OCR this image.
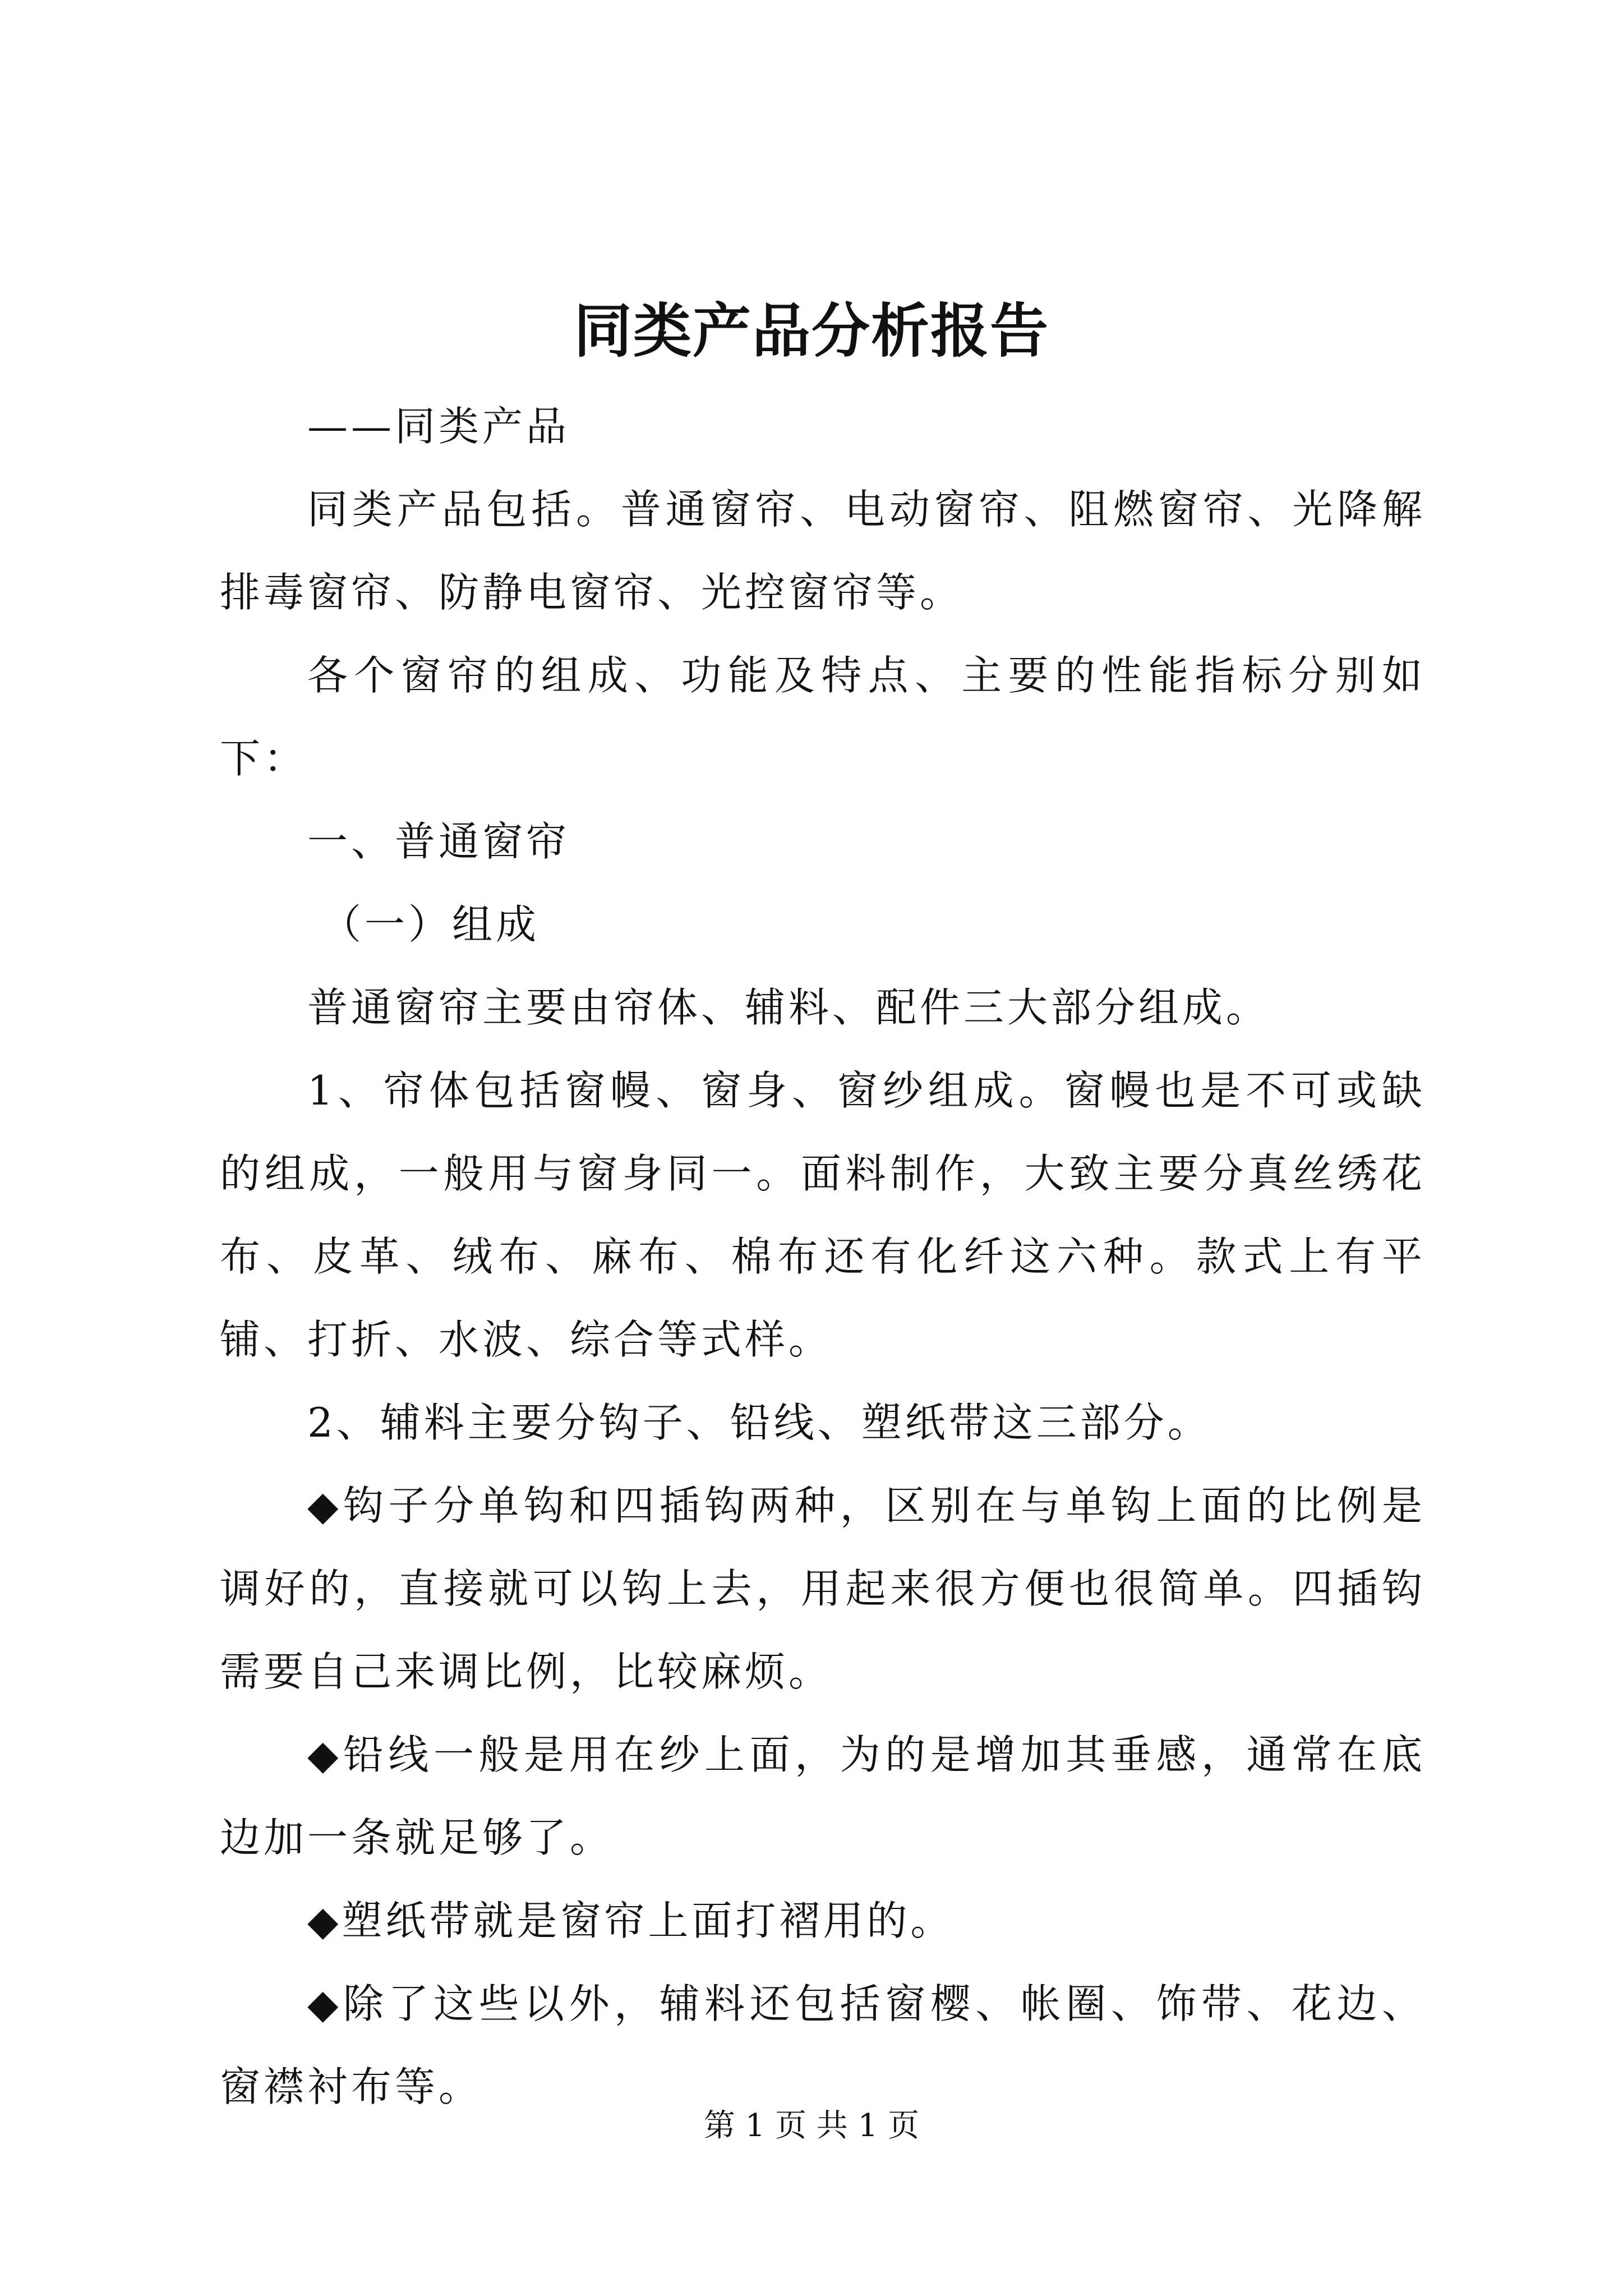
同类产品分析报告

——同类产品

同类产品包括。普通窗帘、电动窗帘、阻燃窗帘、光降解排毒窗帘、防静电窗帘、光控窗帘等。

各个窗帘的组成、功能及特点、主要的性能指标分别如下：

一、普通窗帘

（一）组成

普通窗帘主要由帘体、辅料、配件三大部分组成。

1、帘体包括窗幔、窗身、窗纱组成。窗幔也是不可或缺的组成，一般用与窗身同一。面料制作，大致主要分真丝绣花布、皮革、绒布、麻布、棉布还有化纤这六种。款式上有平铺、打折、水波、综合等式样。

2、辅料主要分钩子、铅线、塑纸带这三部分。

◆钩子分单钩和四插钩两种，区别在与单钩上面的比例是调好的，直接就可以钩上去，用起来很方便也很简单。四插钩需要自己来调比例，比较麻烦。

◆铅线一般是用在纱上面，为的是增加其垂感，通常在底边加一条就足够了。

◆塑纸带就是窗帘上面打褶用的。

◆除了这些以外，辅料还包括窗樱、帐圈、饰带、花边、窗襟衬布等。

第 1 页 共 1 页
